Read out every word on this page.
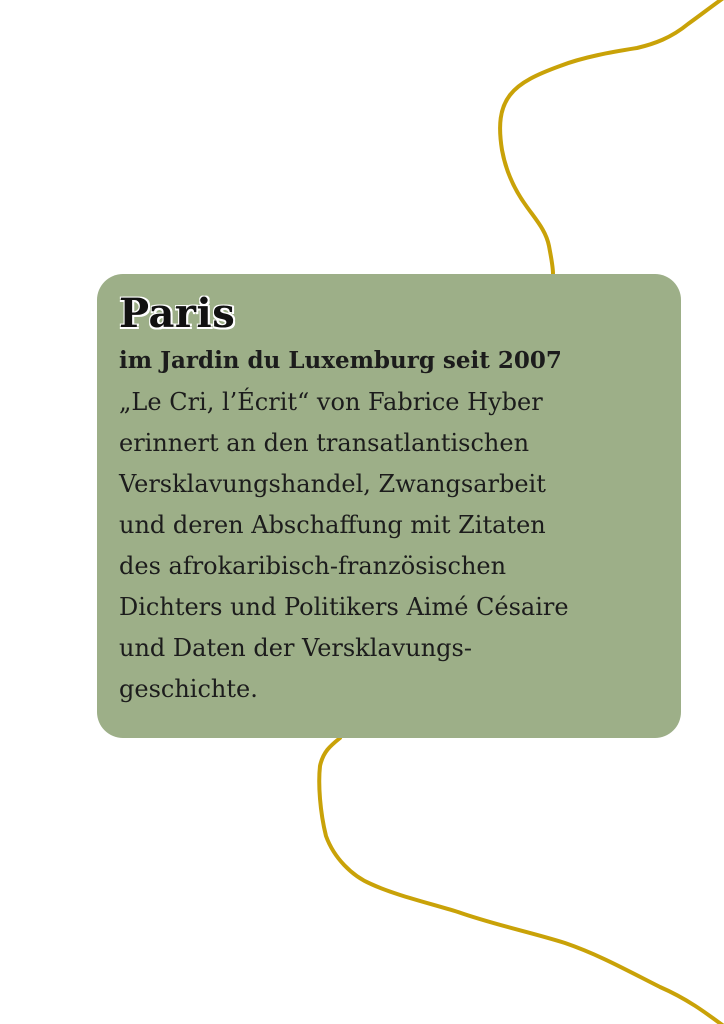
Paris

im Jardin du Luxemburg seit 2007

„Le Cri, l’Écrit“ von Fabrice Hyber
erinnert an den transatlantischen
Versklavungshandel, Zwangsarbeit
und deren Abschaffung mit Zitaten
des afrokaribisch-französischen
Dichters und Politikers Aimé Césaire
und Daten der Versklavungs-
geschichte.
